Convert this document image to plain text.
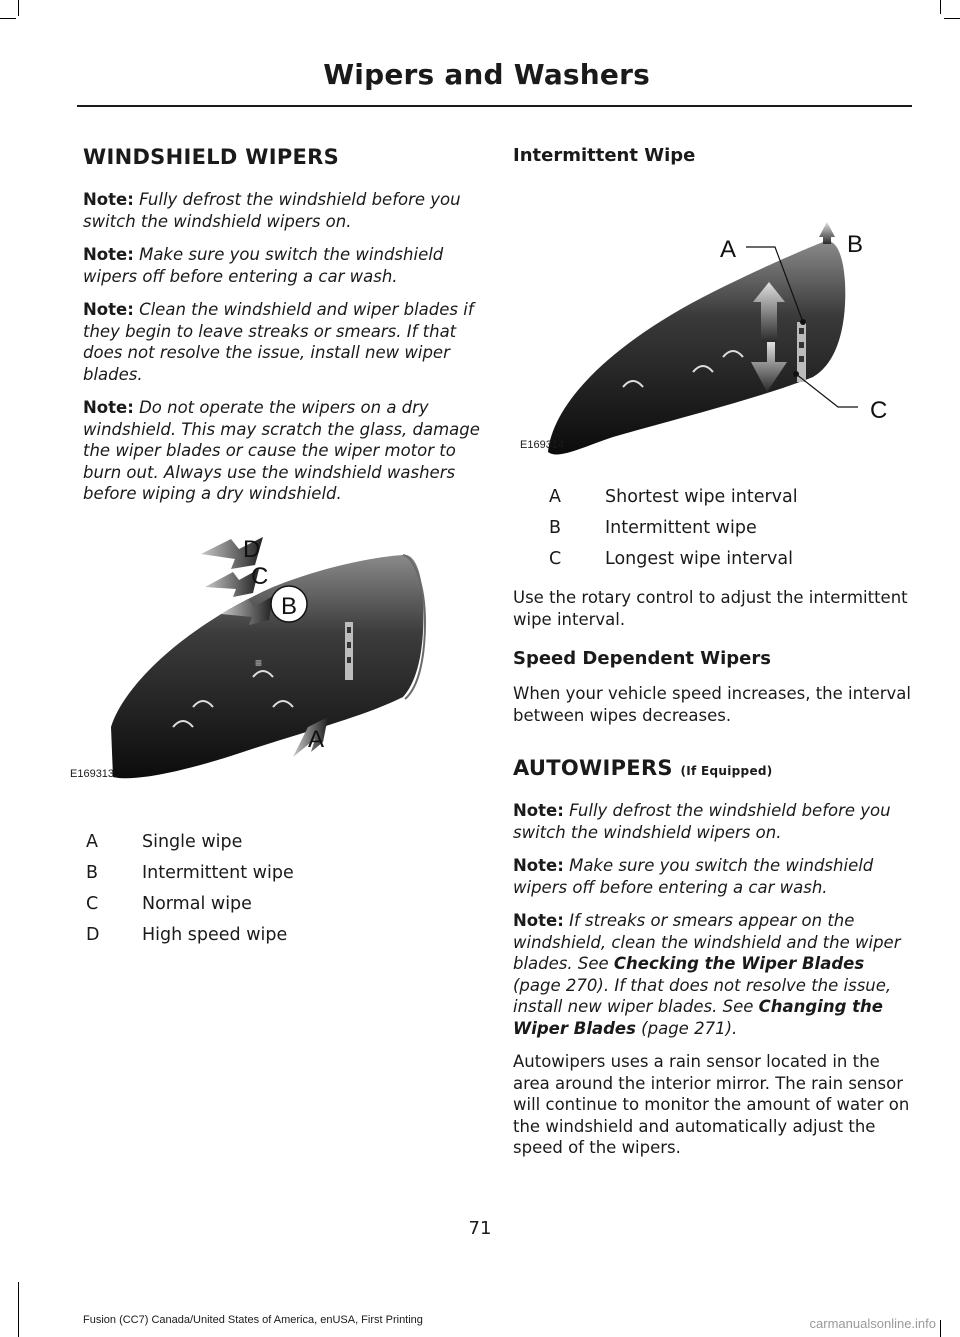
Wipers and Washers
WINDSHIELD WIPERS

Note: Fully defrost the windshield before you switch the windshield wipers on.

Note: Make sure you switch the windshield wipers off before entering a car wash.

Note: Clean the windshield and wiper blades if they begin to leave streaks or smears. If that does not resolve the issue, install new wiper blades.

Note: Do not operate the wipers on a dry windshield. This may scratch the glass, damage the wiper blades or cause the wiper motor to burn out. Always use the windshield washers before wiping a dry windshield.

≡
B
D
C
A
E169313
A	Single wipe
B	Intermittent wipe
C	Normal wipe
D	High speed wipe
Intermittent Wipe
A	B
C
E169314
A	Shortest wipe interval
B	Intermittent wipe
C	Longest wipe interval

Use the rotary control to adjust the intermittent wipe interval.

Speed Dependent Wipers

When your vehicle speed increases, the interval between wipes decreases.

AUTOWIPERS (If Equipped)

Note: Fully defrost the windshield before you switch the windshield wipers on.

Note: Make sure you switch the windshield wipers off before entering a car wash.

Note: If streaks or smears appear on the windshield, clean the windshield and the wiper blades. See Checking the Wiper Blades (page 270). If that does not resolve the issue, install new wiper blades. See Changing the Wiper Blades (page 271).

Autowipers uses a rain sensor located in the area around the interior mirror. The rain sensor will continue to monitor the amount of water on the windshield and automatically adjust the speed of the wipers.

71
Fusion (CC7) Canada/United States of America, enUSA, First Printing	carmanualsonline.info
